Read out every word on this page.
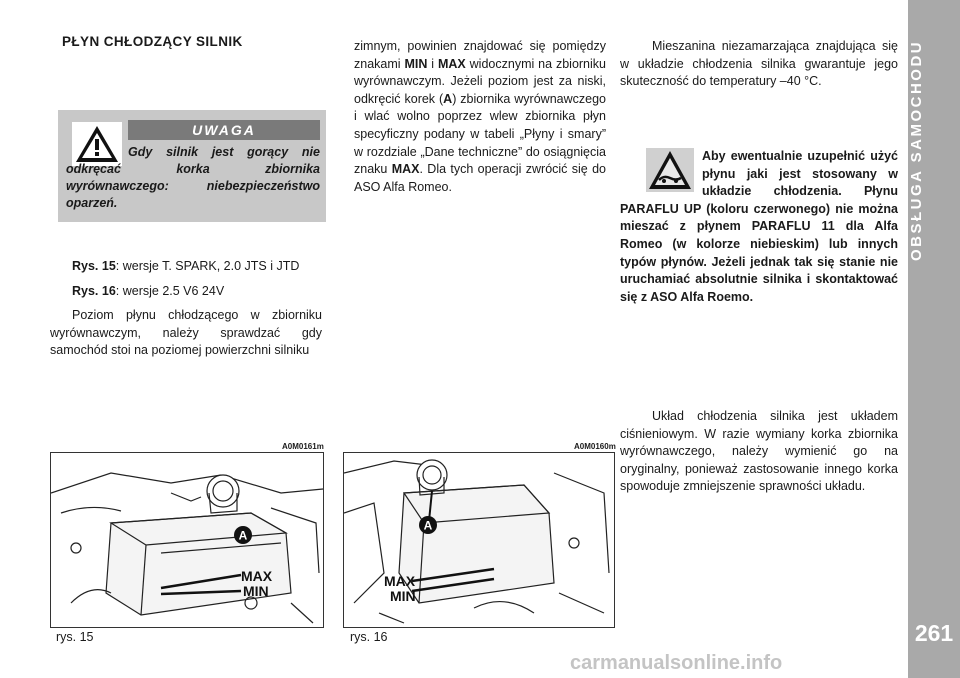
OBSŁUGA SAMOCHODU
261
PŁYN CHŁODZĄCY SILNIK
UWAGA
Gdy silnik jest gorący nie odkręcać korka zbiornika wyrównawczego: niebezpieczeństwo oparzeń.

Rys. 15: wersje T. SPARK, 2.0 JTS i JTD

Rys. 16: wersje 2.5 V6 24V

Poziom płynu chłodzącego w zbiorniku wyrównawczym, należy sprawdzać gdy samochód stoi na poziomej powierzchni silniku

zimnym, powinien znajdować się pomiędzy znakami MIN i MAX widocznymi na zbiorniku wyrównawczym. Jeżeli poziom jest za niski, odkręcić korek (A) zbiornika wyrównawczego i wlać wolno poprzez wlew zbiornika płyn specyficzny podany w tabeli „Płyny i smary” w rozdziale „Dane techniczne” do osiągnięcia znaku MAX. Dla tych operacji zwrócić się do ASO Alfa Romeo.

Mieszanina niezamarzająca znajdująca się w układzie chłodzenia silnika gwarantuje jego skuteczność do temperatury –40 °C.

Aby ewentualnie uzupełnić użyć płynu jaki jest stosowany w układzie chłodzenia. Płynu PARAFLU UP (koloru czerwonego) nie można mieszać z płynem PARAFLU 11 dla Alfa Romeo (w kolorze niebieskim) lub innych typów płynów. Jeżeli jednak tak się stanie nie uruchamiać absolutnie silnika i skontaktować się z ASO Alfa Roemo.

Układ chłodzenia silnika jest układem ciśnieniowym. W razie wymiany korka zbiornika wyrównawczego, należy wymienić go na oryginalny, ponieważ zastosowanie innego korka spowoduje zmniejszenie sprawności układu.

A0M0161m
A
MAX
MIN
rys. 15
A0M0160m
A
MAX
MIN
rys. 16
carmanualsonline.info
